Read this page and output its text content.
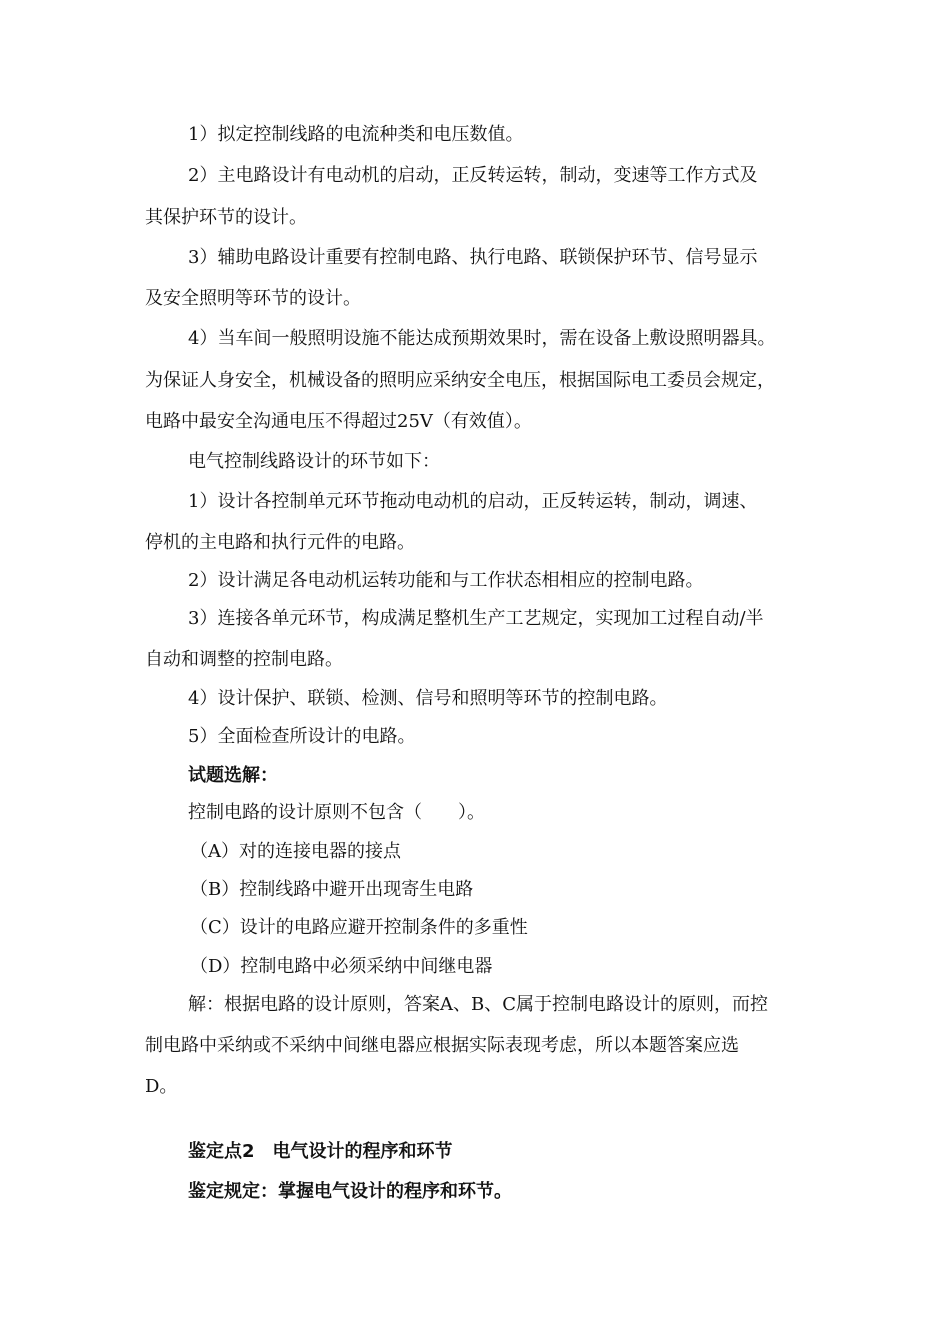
1）拟定控制线路的电流种类和电压数值。
2）主电路设计有电动机的启动，正反转运转，制动，变速等工作方式及
其保护环节的设计。
3）辅助电路设计重要有控制电路、执行电路、联锁保护环节、信号显示
及安全照明等环节的设计。
4）当车间一般照明设施不能达成预期效果时，需在设备上敷设照明器具。
为保证人身安全，机械设备的照明应采纳安全电压，根据国际电工委员会规定，
电路中最安全沟通电压不得超过25V（有效值）。
电气控制线路设计的环节如下：
1）设计各控制单元环节拖动电动机的启动，正反转运转，制动，调速、
停机的主电路和执行元件的电路。
2）设计满足各电动机运转功能和与工作状态相相应的控制电路。
3）连接各单元环节，构成满足整机生产工艺规定，实现加工过程自动/半
自动和调整的控制电路。
4）设计保护、联锁、检测、信号和照明等环节的控制电路。
5）全面检查所设计的电路。
试题选解：
控制电路的设计原则不包含（　　）。
（A）对的连接电器的接点
（B）控制线路中避开出现寄生电路
（C）设计的电路应避开控制条件的多重性
（D）控制电路中必须采纳中间继电器
解：根据电路的设计原则，答案A、B、C属于控制电路设计的原则，而控
制电路中采纳或不采纳中间继电器应根据实际表现考虑，所以本题答案应选
D。
鉴定点2　电气设计的程序和环节
鉴定规定：掌握电气设计的程序和环节。
